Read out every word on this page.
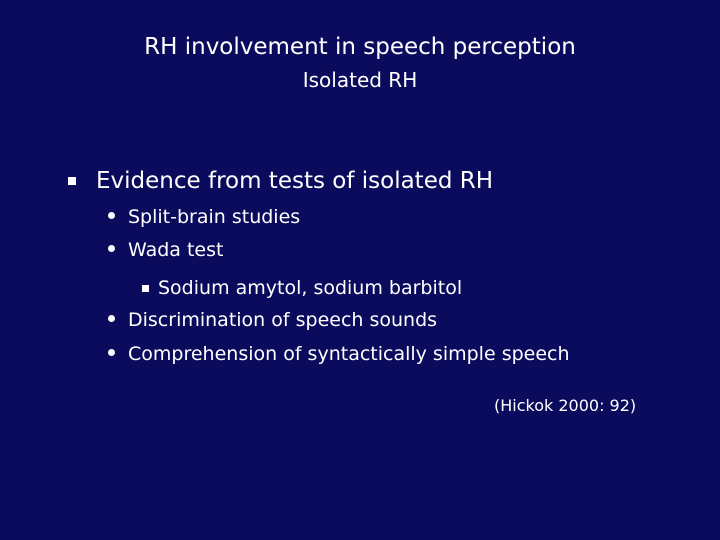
RH involvement in speech perception
Isolated RH
Evidence from tests of isolated RH
Split-brain studies
Wada test
Sodium amytol, sodium barbitol
Discrimination of speech sounds
Comprehension of syntactically simple speech
(Hickok 2000: 92)
